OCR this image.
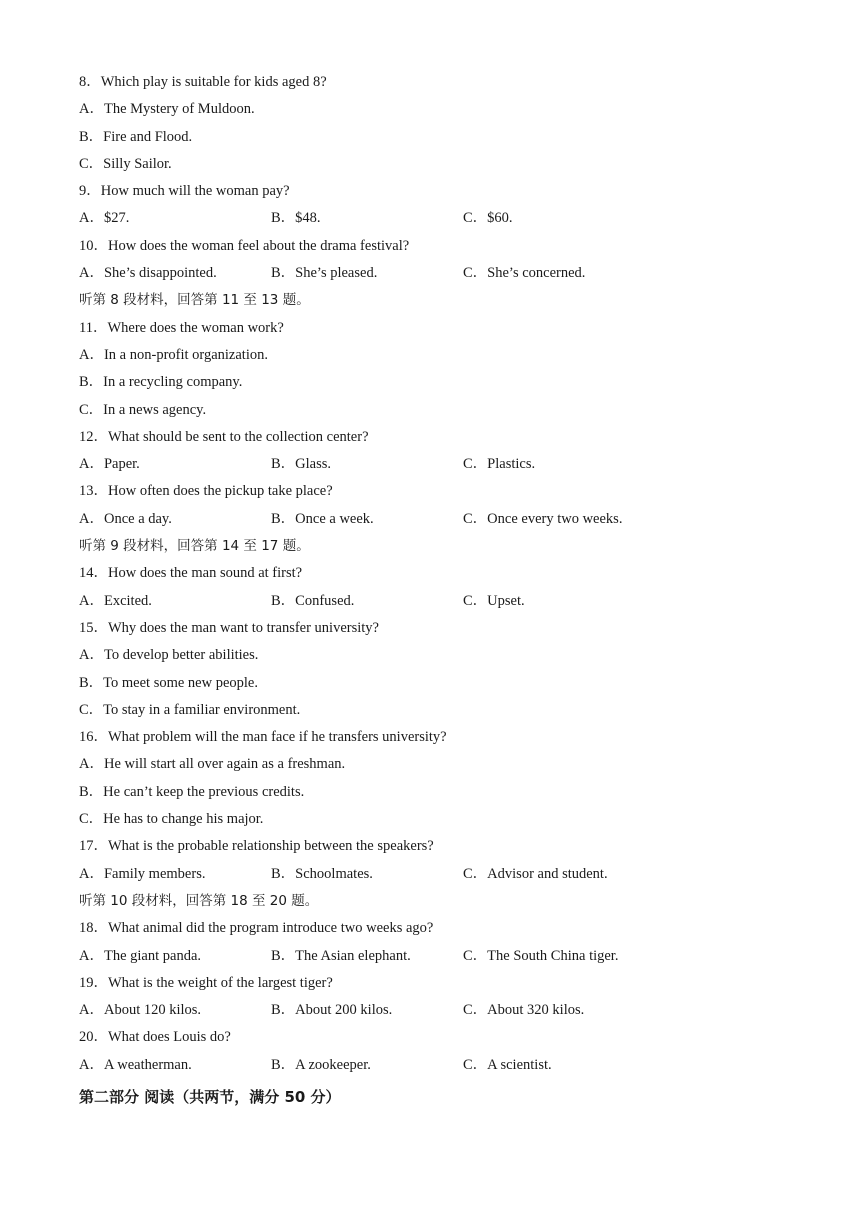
8．Which play is suitable for kids aged 8?
A．The Mystery of Muldoon.
B．Fire and Flood.
C．Silly Sailor.
9．How much will the woman pay?
A．$27.	B．$48.	C．$60.
10．How does the woman feel about the drama festival?
A．She’s disappointed.	B．She’s pleased.	C．She’s concerned.
听第 8 段材料，回答第 11 至 13 题。
11．Where does the woman work?
A．In a non-profit organization.
B．In a recycling company.
C．In a news agency.
12．What should be sent to the collection center?
A．Paper.	B．Glass.	C．Plastics.
13．How often does the pickup take place?
A．Once a day.	B．Once a week.	C．Once every two weeks.
听第 9 段材料，回答第 14 至 17 题。
14．How does the man sound at first?
A．Excited.	B．Confused.	C．Upset.
15．Why does the man want to transfer university?
A．To develop better abilities.
B．To meet some new people.
C．To stay in a familiar environment.
16．What problem will the man face if he transfers university?
A．He will start all over again as a freshman.
B．He can’t keep the previous credits.
C．He has to change his major.
17．What is the probable relationship between the speakers?
A．Family members.	B．Schoolmates.	C．Advisor and student.
听第 10 段材料，回答第 18 至 20 题。
18．What animal did the program introduce two weeks ago?
A．The giant panda.	B．The Asian elephant.	C．The South China tiger.
19．What is the weight of the largest tiger?
A．About 120 kilos.	B．About 200 kilos.	C．About 320 kilos.
20．What does Louis do?
A．A weatherman.	B．A zookeeper.	C．A scientist.
第二部分 阅读（共两节，满分 50 分）
